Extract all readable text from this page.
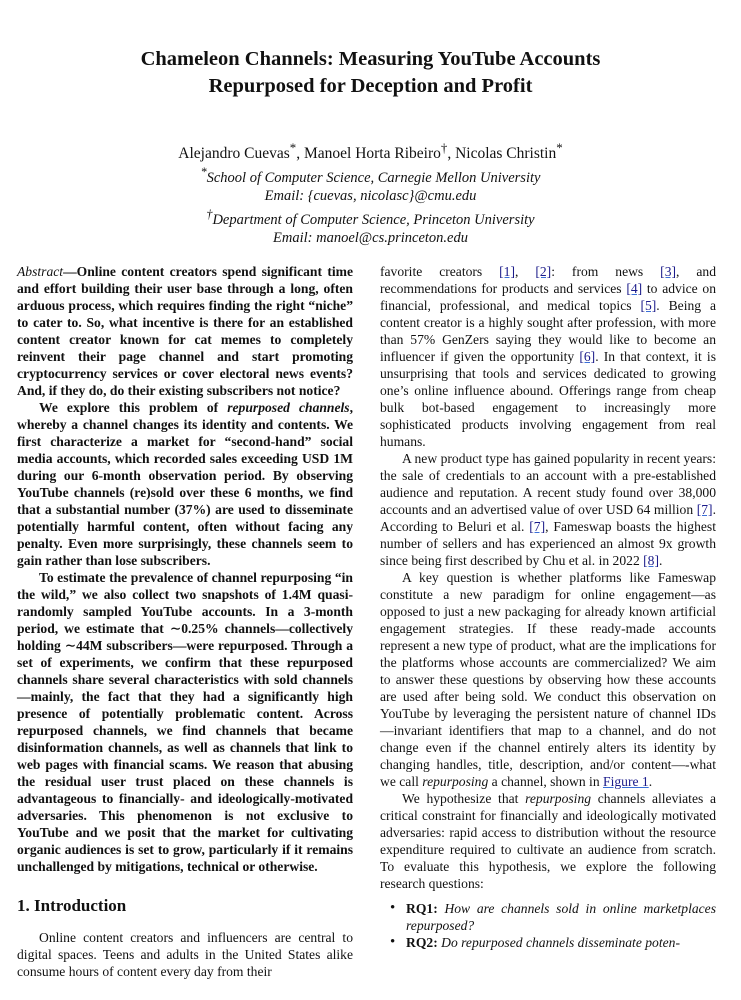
Chameleon Channels: Measuring YouTube Accounts
Repurposed for Deception and Profit
Alejandro Cuevas*, Manoel Horta Ribeiro†, Nicolas Christin*
*School of Computer Science, Carnegie Mellon University
Email: {cuevas, nicolasc}@cmu.edu
†Department of Computer Science, Princeton University
Email: manoel@cs.princeton.edu

Abstract—Online content creators spend significant time and effort building their user base through a long, often arduous process, which requires finding the right “niche” to cater to. So, what incentive is there for an established content creator known for cat memes to completely reinvent their page channel and start promoting cryptocurrency services or cover electoral news events? And, if they do, do their existing subscribers not notice?

We explore this problem of repurposed channels, whereby a channel changes its identity and contents. We first characterize a market for “second-hand” social media accounts, which recorded sales exceeding USD 1M during our 6-month observation period. By observing YouTube channels (re)sold over these 6 months, we find that a substantial number (37%) are used to disseminate potentially harmful content, often without facing any penalty. Even more surprisingly, these channels seem to gain rather than lose subscribers.

To estimate the prevalence of channel repurposing “in the wild,” we also collect two snapshots of 1.4M quasi-randomly sampled YouTube accounts. In a 3-month period, we estimate that ∼0.25% channels—collectively holding ∼44M subscribers—were repurposed. Through a set of experiments, we confirm that these repurposed channels share several characteristics with sold channels—mainly, the fact that they had a significantly high presence of potentially problematic content. Across repurposed channels, we find channels that became disinformation channels, as well as channels that link to web pages with financial scams. We reason that abusing the residual user trust placed on these channels is advantageous to financially- and ideologically-motivated adversaries. This phenomenon is not exclusive to YouTube and we posit that the market for cultivating organic audiences is set to grow, particularly if it remains unchallenged by mitigations, technical or otherwise.

1. Introduction

Online content creators and influencers are central to digital spaces. Teens and adults in the United States alike consume hours of content every day from their

favorite creators [1], [2]: from news [3], and recommendations for products and services [4] to advice on financial, professional, and medical topics [5]. Being a content creator is a highly sought after profession, with more than 57% GenZers saying they would like to become an influencer if given the opportunity [6]. In that context, it is unsurprising that tools and services dedicated to growing one’s online influence abound. Offerings range from cheap bulk bot-based engagement to increasingly more sophisticated products involving engagement from real humans.

A new product type has gained popularity in recent years: the sale of credentials to an account with a pre-established audience and reputation. A recent study found over 38,000 accounts and an advertised value of over USD 64 million [7]. According to Beluri et al. [7], Fameswap boasts the highest number of sellers and has experienced an almost 9x growth since being first described by Chu et al. in 2022 [8].

A key question is whether platforms like Fameswap constitute a new paradigm for online engagement—as opposed to just a new packaging for already known artificial engagement strategies. If these ready-made accounts represent a new type of product, what are the implications for the platforms whose accounts are commercialized? We aim to answer these questions by observing how these accounts are used after being sold. We conduct this observation on YouTube by leveraging the persistent nature of channel IDs—invariant identifiers that map to a channel, and do not change even if the channel entirely alters its identity by changing handles, title, description, and/or content—-what we call repurposing a channel, shown in Figure 1.

We hypothesize that repurposing channels alleviates a critical constraint for financially and ideologically motivated adversaries: rapid access to distribution without the resource expenditure required to cultivate an audience from scratch. To evaluate this hypothesis, we explore the following research questions:

• RQ1: How are channels sold in online marketplaces repurposed?
• RQ2: Do repurposed channels disseminate poten-
